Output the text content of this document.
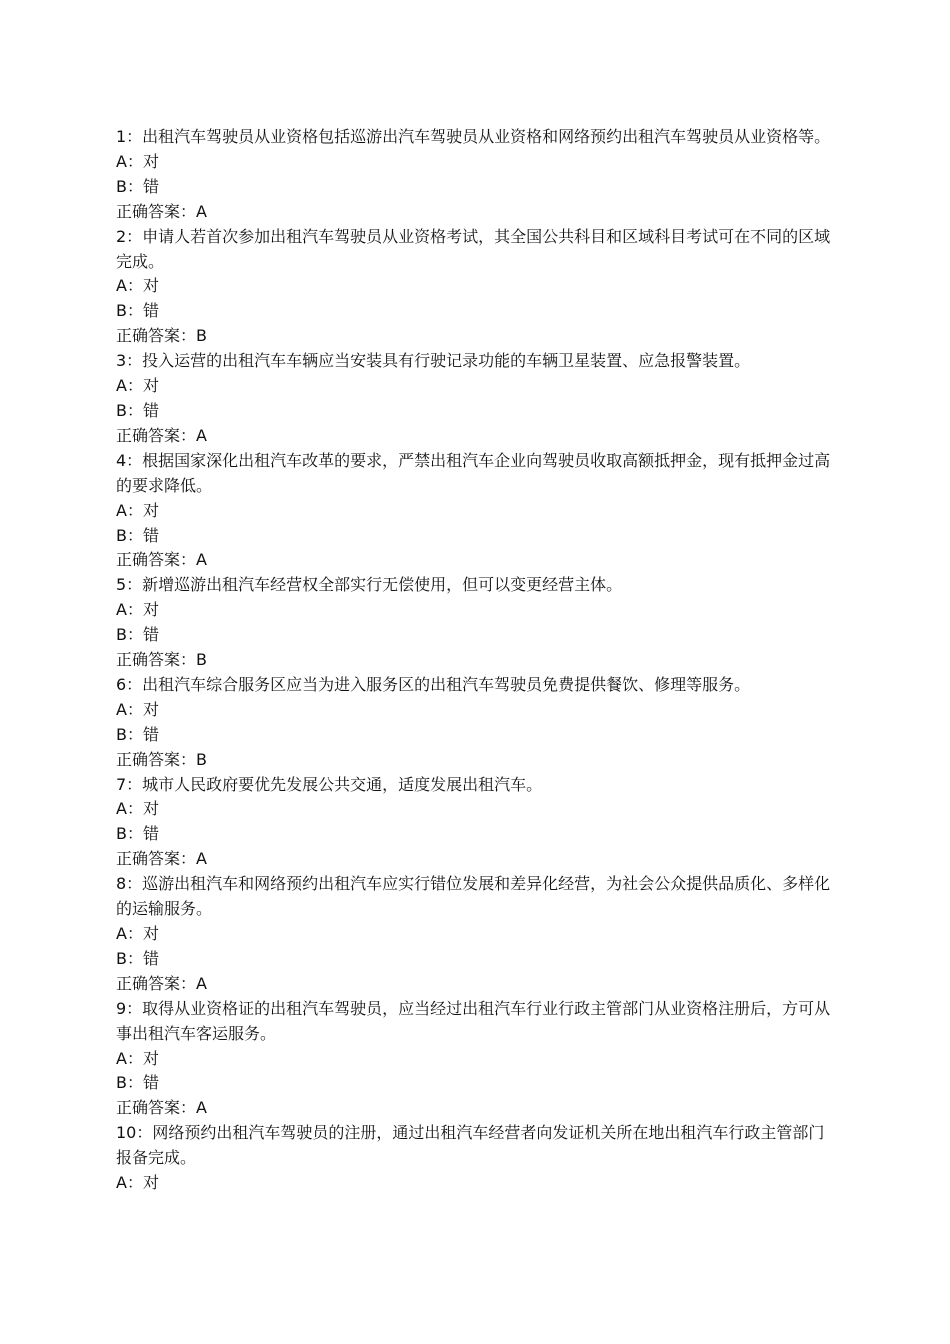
1：出租汽车驾驶员从业资格包括巡游出汽车驾驶员从业资格和网络预约出租汽车驾驶员从业资格等。

A：对

B：错

正确答案：A

2：申请人若首次参加出租汽车驾驶员从业资格考试，其全国公共科目和区域科目考试可在不同的区域完成。

A：对

B：错

正确答案：B

3：投入运营的出租汽车车辆应当安装具有行驶记录功能的车辆卫星装置、应急报警装置。

A：对

B：错

正确答案：A

4：根据国家深化出租汽车改革的要求，严禁出租汽车企业向驾驶员收取高额抵押金，现有抵押金过高的要求降低。

A：对

B：错

正确答案：A

5：新增巡游出租汽车经营权全部实行无偿使用，但可以变更经营主体。

A：对

B：错

正确答案：B

6：出租汽车综合服务区应当为进入服务区的出租汽车驾驶员免费提供餐饮、修理等服务。

A：对

B：错

正确答案：B

7：城市人民政府要优先发展公共交通，适度发展出租汽车。

A：对

B：错

正确答案：A

8：巡游出租汽车和网络预约出租汽车应实行错位发展和差异化经营，为社会公众提供品质化、多样化的运输服务。

A：对

B：错

正确答案：A

9：取得从业资格证的出租汽车驾驶员，应当经过出租汽车行业行政主管部门从业资格注册后，方可从事出租汽车客运服务。

A：对

B：错

正确答案：A

10：网络预约出租汽车驾驶员的注册，通过出租汽车经营者向发证机关所在地出租汽车行政主管部门报备完成。

A：对
